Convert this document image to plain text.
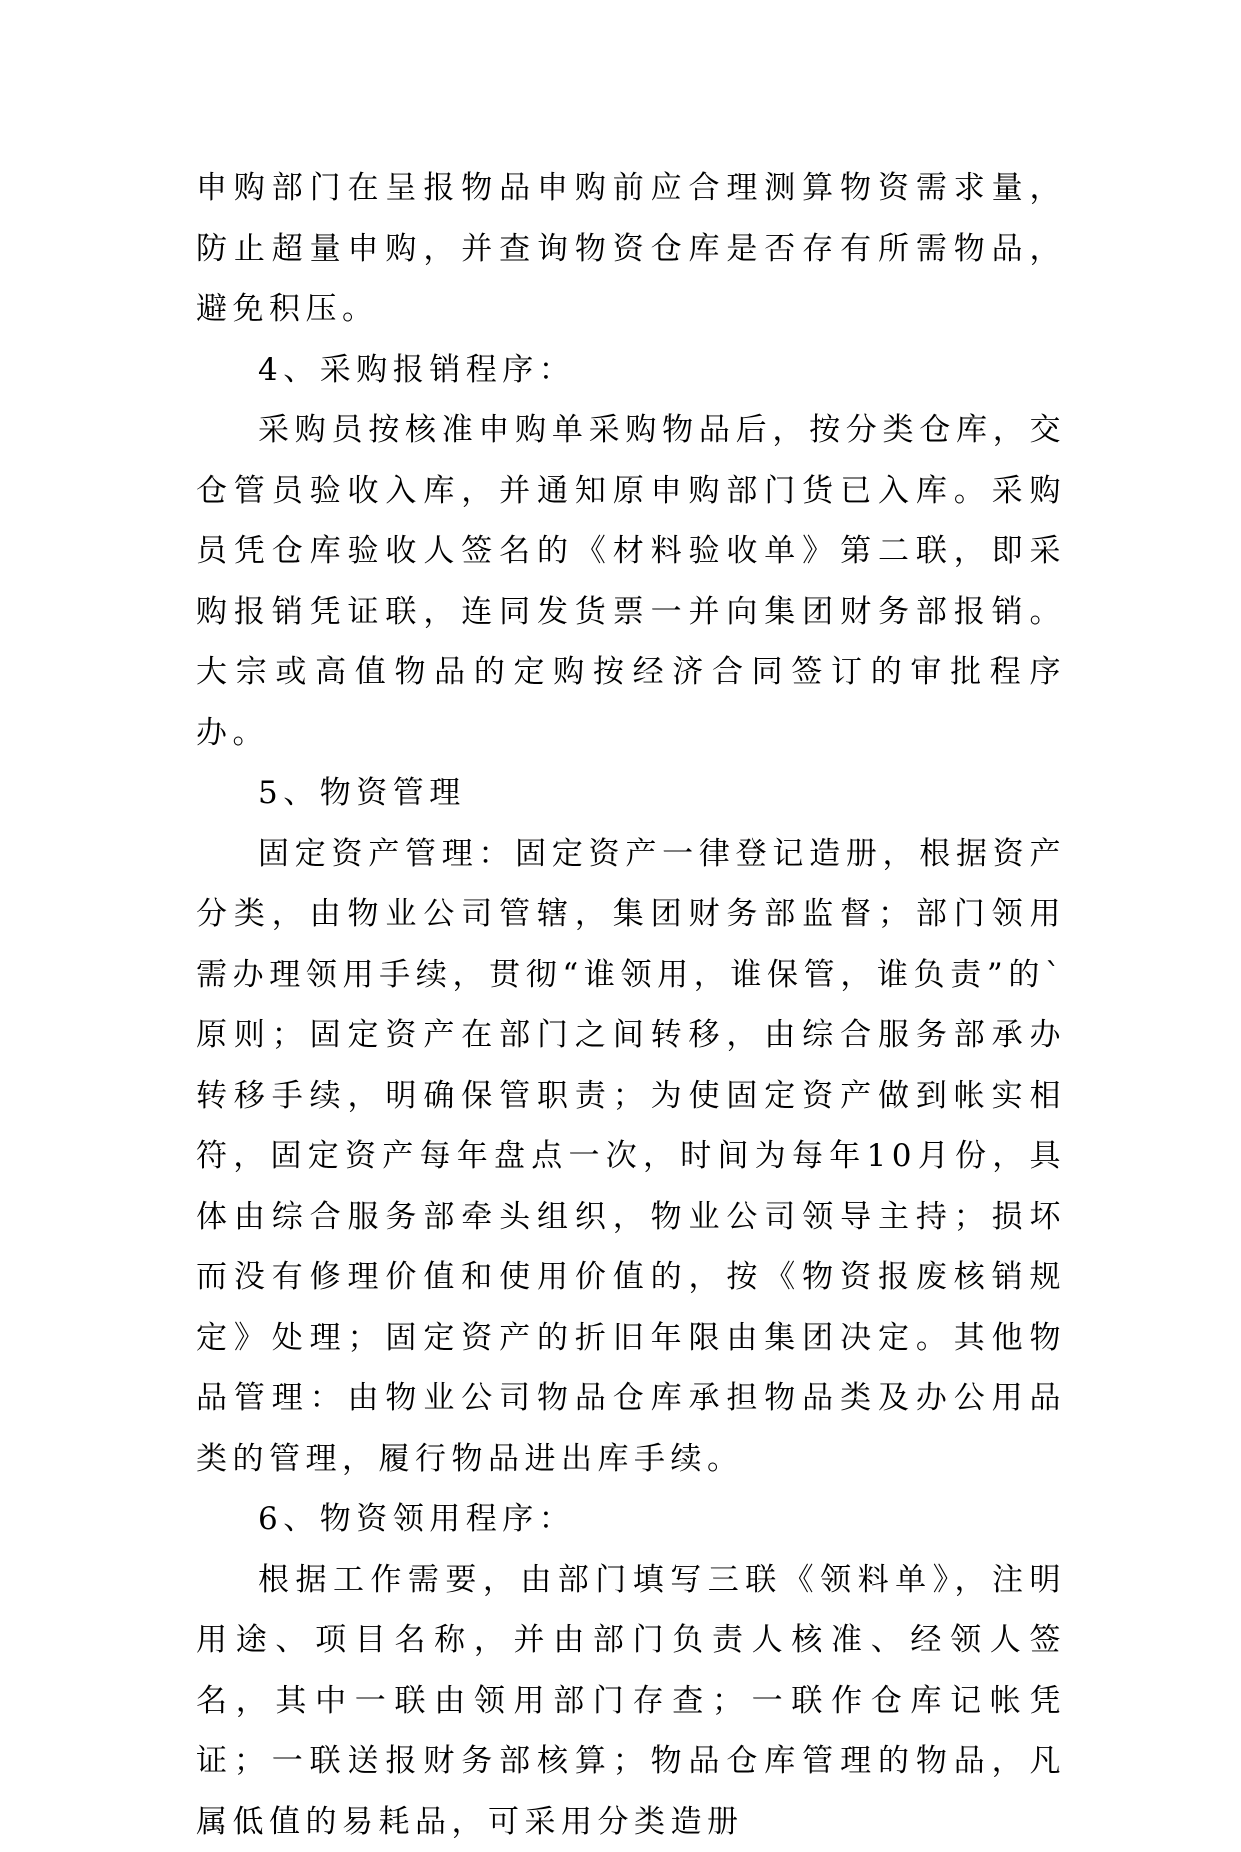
申购部门在呈报物品申购前应合理测算物资需求量，防止超量申购，并查询物资仓库是否存有所需物品，避免积压。

4、采购报销程序：

采购员按核准申购单采购物品后，按分类仓库，交仓管员验收入库，并通知原申购部门货已入库。采购员凭仓库验收人签名的《材料验收单》第二联，即采购报销凭证联，连同发货票一并向集团财务部报销。大宗或高值物品的定购按经济合同签订的审批程序办。

5、物资管理

固定资产管理：固定资产一律登记造册，根据资产分类，由物业公司管辖，集团财务部监督；部门领用需办理领用手续，贯彻“谁领用，谁保管，谁负责”的`原则；固定资产在部门之间转移，由综合服务部承办转移手续，明确保管职责；为使固定资产做到帐实相符，固定资产每年盘点一次，时间为每年10月份，具体由综合服务部牵头组织，物业公司领导主持；损坏而没有修理价值和使用价值的，按《物资报废核销规定》处理；固定资产的折旧年限由集团决定。其他物品管理：由物业公司物品仓库承担物品类及办公用品类的管理，履行物品进出库手续。

6、物资领用程序：

根据工作需要，由部门填写三联《领料单》，注明用途、项目名称，并由部门负责人核准、经领人签名，其中一联由领用部门存查；一联作仓库记帐凭证；一联送报财务部核算；物品仓库管理的物品，凡属低值的易耗品，可采用分类造册
